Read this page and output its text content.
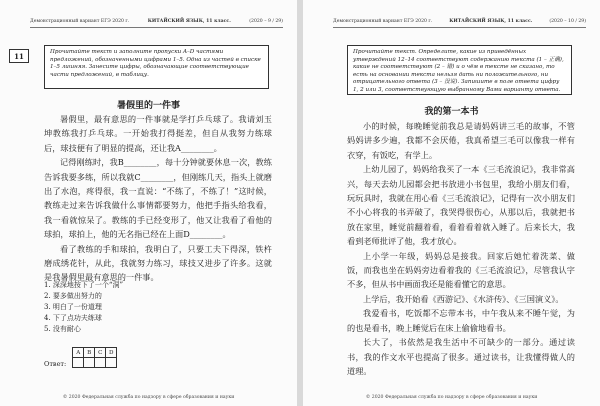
Демонстрационный вариант ЕГЭ 2020 г.	КИТАЙСКИЙ ЯЗЫК, 11 класс.	(2020 – 9 / 29)
11	Прочитайте текст и заполните пропуски A–D частями предложений, обозначенными цифрами 1–5. Одна из частей в списке 1–5 лишняя. Занесите цифры, обозначающие соответствующие части предложений, в таблицу.
暑假里的一件事

暑假里，最有意思的一件事就是学打乒乓球了。我请刘玉坤教练我打乒乓球。一开始我打得挺差，但自从我努力练球后，球技便有了明显的提高，还让我A________。

记得刚练时，我B________，每十分钟就要休息一次，教练告诉我要多练，所以我就C________，但刚练几天，指头上就磨出了水泡，疼得很，我一直说：“不练了，不练了！”这时候，教练走过来告诉我做什么事情都要努力，他把手指头给我看，我一看就惊呆了。教练的手已经变形了，他又让我看了看他的球拍，球拍上，他的无名指已经在上面D________。

看了教练的手和球拍，我明白了，只要工夫下得深，铁杵磨成绣花针，从此，我就努力练习，球技又进步了许多。这就是我暑假里最有意思的一件事。

1. 深深地按下了一个“洞”
2. 要多做出努力的
3. 明白了一份道理
4. 下了点功夫练球
5. 没有耐心
Ответ:
A	B	C	D

© 2020 Федеральная служба по надзору в сфере образования и науки
Демонстрационный вариант ЕГЭ 2020 г.	КИТАЙСКИЙ ЯЗЫК, 11 класс.	(2020 – 10 / 29)
Прочитайте текст. Определите, какие из приведённых утверждений 12–14 соответствуют содержанию текста (1 – 正确), какие не соответствуют (2 – 错) и о чём в тексте не сказано, то есть на основании текста нельзя дать ни положительного, ни отрицательного ответа (3 – 没说). Запишите в поле ответа цифру 1, 2 или 3, соответствующую выбранному Вами варианту ответа.
我的第一本书

小的时候，每晚睡觉前我总是请妈妈讲三毛的故事，不管妈妈讲多少遍，我都不会厌倦，我真希望三毛可以像我一样有衣穿，有饭吃，有学上。

上幼儿园了，妈妈给我买了一本《三毛流浪记》，我非常高兴，每天去幼儿园都会把书放进小书包里，我给小朋友们看，玩玩具时，我就在用心看《三毛流浪记》，记得有一次小朋友们不小心将我的书弄破了，我哭得很伤心，从那以后，我就把书放在家里，睡觉前翻着看，看着看着就入睡了。后来长大，我看到老师批评了他，我才放心。

上小学一年级，妈妈总是接我。回家后她忙着洗菜、做饭，而我也坐在妈妈旁边看着我的《三毛流浪记》，尽管我认字不多，但从书中画面我还是能看懂它的意思。

上学后，我开始看《西游记》、《水浒传》、《三国演义》。

我爱看书，吃饭都不忘带本书，中午我从来不睡午觉，为的也是看书，晚上睡觉后在床上偷偷地看书。

长大了，书依然是我生活中不可缺少的一部分。通过读书，我的作文水平也提高了很多。通过读书，让我懂得做人的道理。

© 2020 Федеральная служба по надзору в сфере образования и науки
